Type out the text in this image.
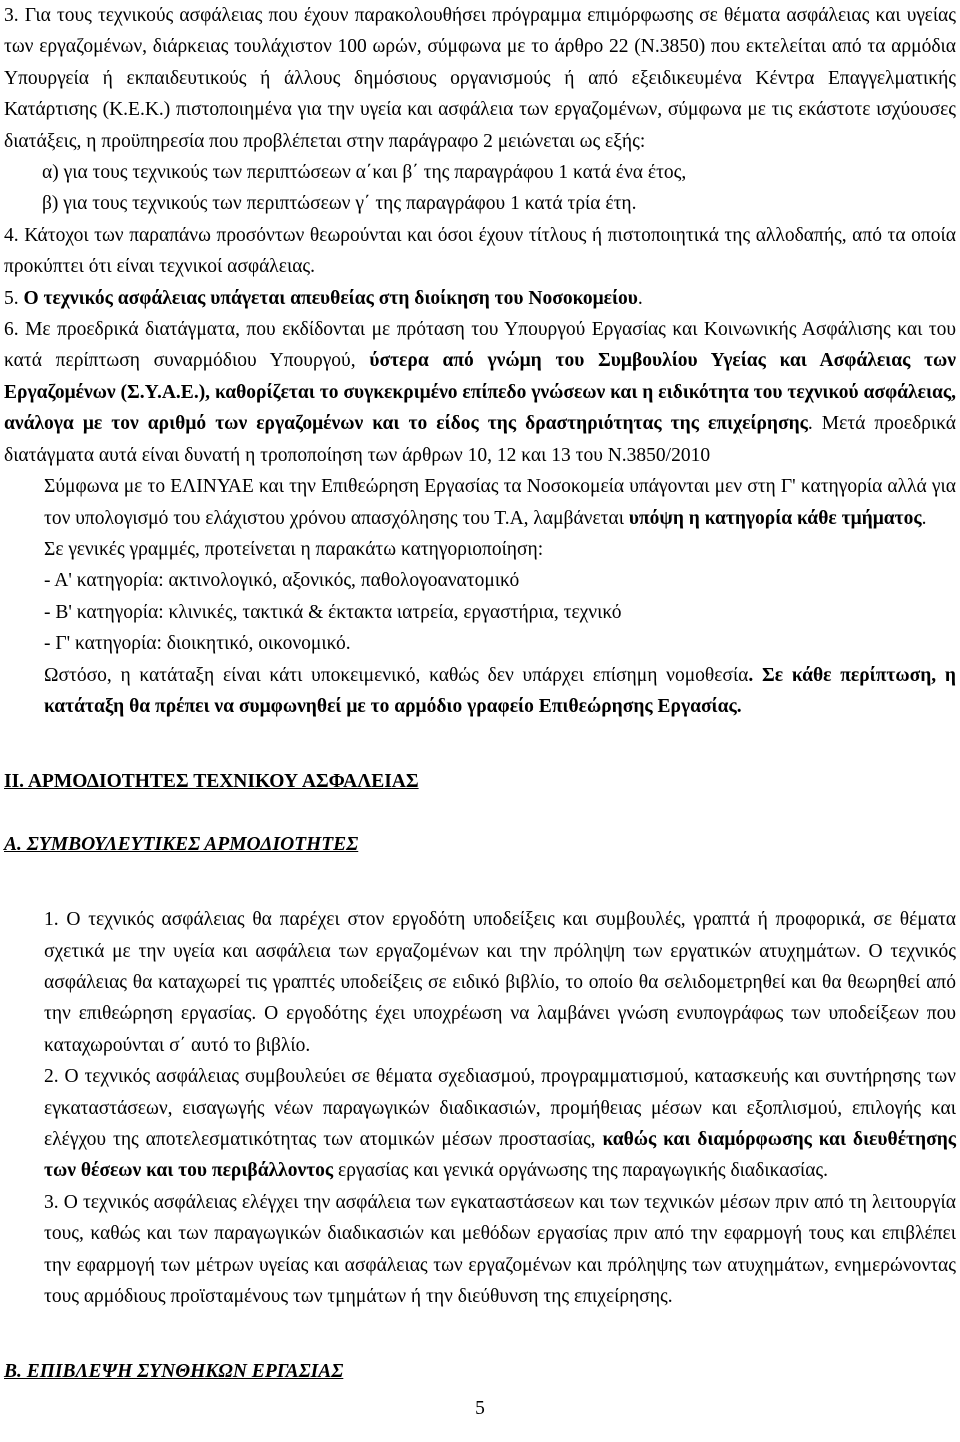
3. Για τους τεχνικούς ασφάλειας που έχουν παρακολουθήσει πρόγραμμα επιμόρφωσης σε θέματα ασφάλειας και υγείας των εργαζομένων, διάρκειας τουλάχιστον 100 ωρών, σύμφωνα με το άρθρο 22 (Ν.3850) που εκτελείται από τα αρμόδια Υπουργεία ή εκπαιδευτικούς ή άλλους δημόσιους οργανισμούς ή από εξειδικευμένα Κέντρα Επαγγελματικής Κατάρτισης (Κ.Ε.Κ.) πιστοποιημένα για την υγεία και ασφάλεια των εργαζομένων, σύμφωνα με τις εκάστοτε ισχύουσες διατάξεις, η προϋπηρεσία που προβλέπεται στην παράγραφο 2 μειώνεται ως εξής:

α) για τους τεχνικούς των περιπτώσεων α΄και β΄ της παραγράφου 1 κατά ένα έτος,

β) για τους τεχνικούς των περιπτώσεων γ΄ της παραγράφου 1 κατά τρία έτη.

4. Κάτοχοι των παραπάνω προσόντων θεωρούνται και όσοι έχουν τίτλους ή πιστοποιητικά της αλλοδαπής, από τα οποία προκύπτει ότι είναι τεχνικοί ασφάλειας.

5. Ο τεχνικός ασφάλειας υπάγεται απευθείας στη διοίκηση του Νοσοκομείου.

6. Με προεδρικά διατάγματα, που εκδίδονται με πρόταση του Υπουργού Εργασίας και Κοινωνικής Ασφάλισης και του κατά περίπτωση συναρμόδιου Υπουργού, ύστερα από γνώμη του Συμβουλίου Υγείας και Ασφάλειας των Εργαζομένων (Σ.Υ.Α.Ε.), καθορίζεται το συγκεκριμένο επίπεδο γνώσεων και η ειδικότητα του τεχνικού ασφάλειας, ανάλογα με τον αριθμό των εργαζομένων και το είδος της δραστηριότητας της επιχείρησης. Μετά προεδρικά διατάγματα αυτά είναι δυνατή η τροποποίηση των άρθρων 10, 12 και 13 του Ν.3850/2010

Σύμφωνα με το ΕΛΙΝΥΑΕ και την Επιθεώρηση Εργασίας τα Νοσοκομεία υπάγονται μεν στη Γ' κατηγορία αλλά για τον υπολογισμό του ελάχιστου χρόνου απασχόλησης του Τ.Α, λαμβάνεται υπόψη η κατηγορία κάθε τμήματος.

Σε γενικές γραμμές, προτείνεται η παρακάτω κατηγοριοποίηση:

- Α' κατηγορία: ακτινολογικό, αξονικός, παθολογοανατομικό

- Β' κατηγορία: κλινικές, τακτικά & έκτακτα ιατρεία, εργαστήρια, τεχνικό

- Γ' κατηγορία: διοικητικό, οικονομικό.

Ωστόσο, η κατάταξη είναι κάτι υποκειμενικό, καθώς δεν υπάρχει επίσημη νομοθεσία. Σε κάθε περίπτωση, η κατάταξη θα πρέπει να συμφωνηθεί με το αρμόδιο γραφείο Επιθεώρησης Εργασίας.

ΙΙ. ΑΡΜΟΔΙΟΤΗΤΕΣ ΤΕΧΝΙΚΟΥ ΑΣΦΑΛΕΙΑΣ
Α. ΣΥΜΒΟΥΛΕΥΤΙΚΕΣ ΑΡΜΟΔΙΟΤΗΤΕΣ

1. Ο τεχνικός ασφάλειας θα παρέχει στον εργοδότη υποδείξεις και συμβουλές, γραπτά ή προφορικά, σε θέματα σχετικά με την υγεία και ασφάλεια των εργαζομένων και την πρόληψη των εργατικών ατυχημάτων. Ο τεχνικός ασφάλειας θα καταχωρεί τις γραπτές υποδείξεις σε ειδικό βιβλίο, το οποίο θα σελιδομετρηθεί και θα θεωρηθεί από την επιθεώρηση εργασίας. Ο εργοδότης έχει υποχρέωση να λαμβάνει γνώση ενυπογράφως των υποδείξεων που καταχωρούνται σ΄ αυτό το βιβλίο.

2. Ο τεχνικός ασφάλειας συμβουλεύει σε θέματα σχεδιασμού, προγραμματισμού, κατασκευής και συντήρησης των εγκαταστάσεων, εισαγωγής νέων παραγωγικών διαδικασιών, προμήθειας μέσων και εξοπλισμού, επιλογής και ελέγχου της αποτελεσματικότητας των ατομικών μέσων προστασίας, καθώς και διαμόρφωσης και διευθέτησης των θέσεων και του περιβάλλοντος εργασίας και γενικά οργάνωσης της παραγωγικής διαδικασίας.

3. Ο τεχνικός ασφάλειας ελέγχει την ασφάλεια των εγκαταστάσεων και των τεχνικών μέσων πριν από τη λειτουργία τους, καθώς και των παραγωγικών διαδικασιών και μεθόδων εργασίας πριν από την εφαρμογή τους και επιβλέπει την εφαρμογή των μέτρων υγείας και ασφάλειας των εργαζομένων και πρόληψης των ατυχημάτων, ενημερώνοντας τους αρμόδιους προϊσταμένους των τμημάτων ή την διεύθυνση της επιχείρησης.

Β. ΕΠΙΒΛΕΨΗ ΣΥΝΘΗΚΩΝ ΕΡΓΑΣΙΑΣ
5
